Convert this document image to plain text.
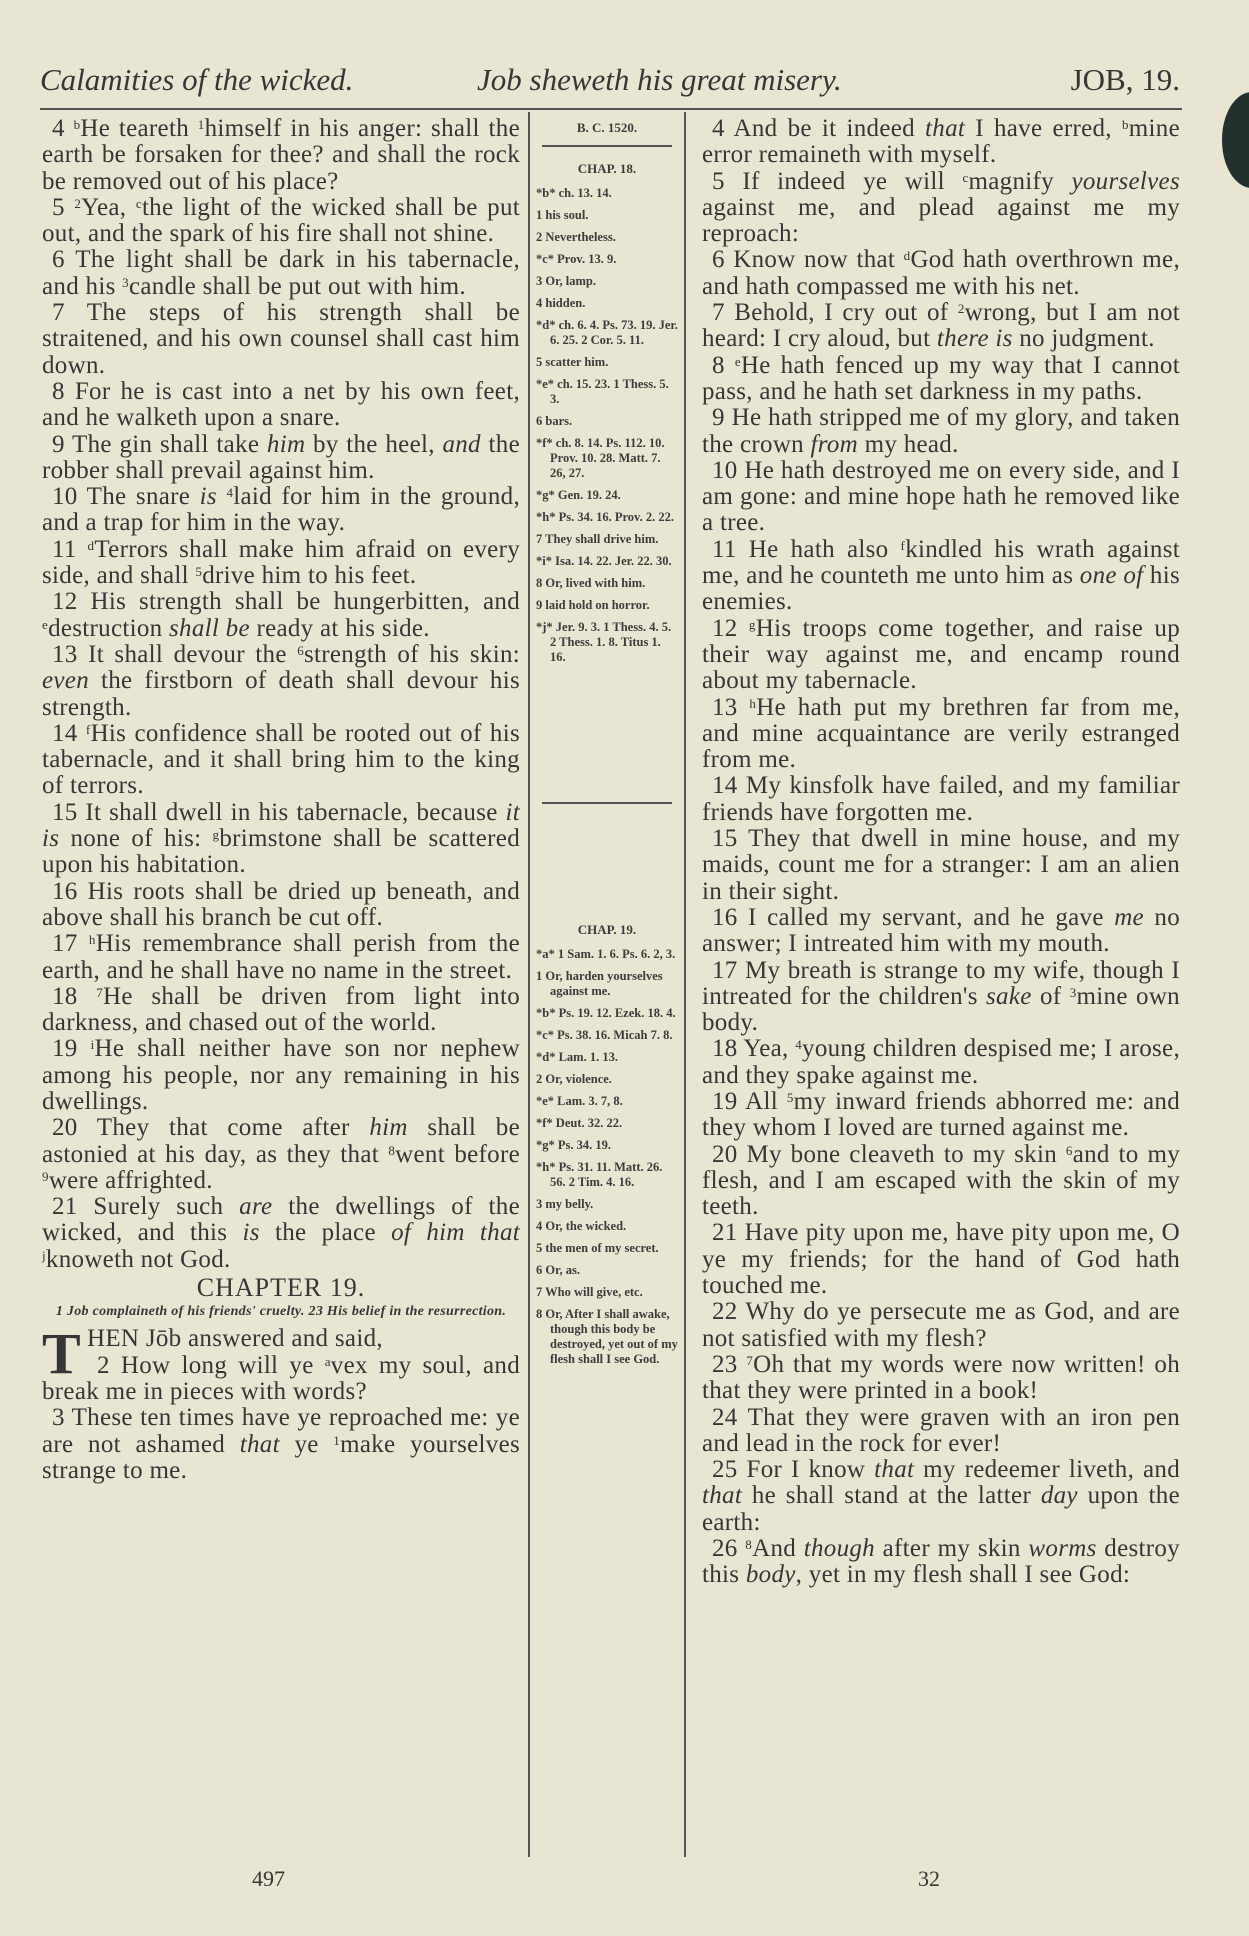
Calamities of the wicked.	Job sheweth his great misery.	JOB, 19.

4 $^b$He teareth $^1$himself in his anger: shall the earth be forsaken for thee? and shall the rock be removed out of his place?

5 $^2$Yea, $^c$the light of the wicked shall be put out, and the spark of his fire shall not shine.

6 The light shall be dark in his tabernacle, and his $^3$candle shall be put out with him.

7 The steps of his strength shall be straitened, and his own counsel shall cast him down.

8 For he is cast into a net by his own feet, and he walketh upon a snare.

9 The gin shall take him by the heel, and the robber shall prevail against him.

10 The snare is $^4$laid for him in the ground, and a trap for him in the way.

11 $^d$Terrors shall make him afraid on every side, and shall $^5$drive him to his feet.

12 His strength shall be hungerbitten, and $^e$destruction shall be ready at his side.

13 It shall devour the $^6$strength of his skin: even the firstborn of death shall devour his strength.

14 $^f$His confidence shall be rooted out of his tabernacle, and it shall bring him to the king of terrors.

15 It shall dwell in his tabernacle, because it is none of his: $^g$brimstone shall be scattered upon his habitation.

16 His roots shall be dried up beneath, and above shall his branch be cut off.

17 $^h$His remembrance shall perish from the earth, and he shall have no name in the street.

18 $^7$He shall be driven from light into darkness, and chased out of the world.

19 $^i$He shall neither have son nor nephew among his people, nor any remaining in his dwellings.

20 They that come after him shall be astonied at his day, as they that $^8$went before $^9$were affrighted.

21 Surely such are the dwellings of the wicked, and this is the place of him that $^j$knoweth not God.

CHAPTER 19.
1 Job complaineth of his friends' cruelty. 23 His belief in the resurrection.

THEN Jōb answered and said,

2 How long will ye $^a$vex my soul, and break me in pieces with words?

3 These ten times have ye reproached me: ye are not ashamed that ye $^1$make yourselves strange to me.

B. C. 1520.
CHAP. 18.
*b* ch. 13. 14.
1 his soul.
2 Nevertheless.
*c* Prov. 13. 9.
3 Or, lamp.
4 hidden.
*d* ch. 6. 4. Ps. 73. 19. Jer. 6. 25. 2 Cor. 5. 11.
5 scatter him.
*e* ch. 15. 23. 1 Thess. 5. 3.
6 bars.
*f* ch. 8. 14. Ps. 112. 10. Prov. 10. 28. Matt. 7. 26, 27.
*g* Gen. 19. 24.
*h* Ps. 34. 16. Prov. 2. 22.
7 They shall drive him.
*i* Isa. 14. 22. Jer. 22. 30.
8 Or, lived with him.
9 laid hold on horror.
*j* Jer. 9. 3. 1 Thess. 4. 5. 2 Thess. 1. 8. Titus 1. 16.
CHAP. 19.
*a* 1 Sam. 1. 6. Ps. 6. 2, 3.
1 Or, harden yourselves against me.
*b* Ps. 19. 12. Ezek. 18. 4.
*c* Ps. 38. 16. Micah 7. 8.
*d* Lam. 1. 13.
2 Or, violence.
*e* Lam. 3. 7, 8.
*f* Deut. 32. 22.
*g* Ps. 34. 19.
*h* Ps. 31. 11. Matt. 26. 56. 2 Tim. 4. 16.
3 my belly.
4 Or, the wicked.
5 the men of my secret.
6 Or, as.
7 Who will give, etc.
8 Or, After I shall awake, though this body be destroyed, yet out of my flesh shall I see God.

4 And be it indeed that I have erred, $^b$mine error remaineth with myself.

5 If indeed ye will $^c$magnify yourselves against me, and plead against me my reproach:

6 Know now that $^d$God hath overthrown me, and hath compassed me with his net.

7 Behold, I cry out of $^2$wrong, but I am not heard: I cry aloud, but there is no judgment.

8 $^e$He hath fenced up my way that I cannot pass, and he hath set darkness in my paths.

9 He hath stripped me of my glory, and taken the crown from my head.

10 He hath destroyed me on every side, and I am gone: and mine hope hath he removed like a tree.

11 He hath also $^f$kindled his wrath against me, and he counteth me unto him as one of his enemies.

12 $^g$His troops come together, and raise up their way against me, and encamp round about my tabernacle.

13 $^h$He hath put my brethren far from me, and mine acquaintance are verily estranged from me.

14 My kinsfolk have failed, and my familiar friends have forgotten me.

15 They that dwell in mine house, and my maids, count me for a stranger: I am an alien in their sight.

16 I called my servant, and he gave me no answer; I intreated him with my mouth.

17 My breath is strange to my wife, though I intreated for the children's sake of $^3$mine own body.

18 Yea, $^4$young children despised me; I arose, and they spake against me.

19 All $^5$my inward friends abhorred me: and they whom I loved are turned against me.

20 My bone cleaveth to my skin $^6$and to my flesh, and I am escaped with the skin of my teeth.

21 Have pity upon me, have pity upon me, O ye my friends; for the hand of God hath touched me.

22 Why do ye persecute me as God, and are not satisfied with my flesh?

23 $^7$Oh that my words were now written! oh that they were printed in a book!

24 That they were graven with an iron pen and lead in the rock for ever!

25 For I know that my redeemer liveth, and that he shall stand at the latter day upon the earth:

26 $^8$And though after my skin worms destroy this body, yet in my flesh shall I see God:

497	32
